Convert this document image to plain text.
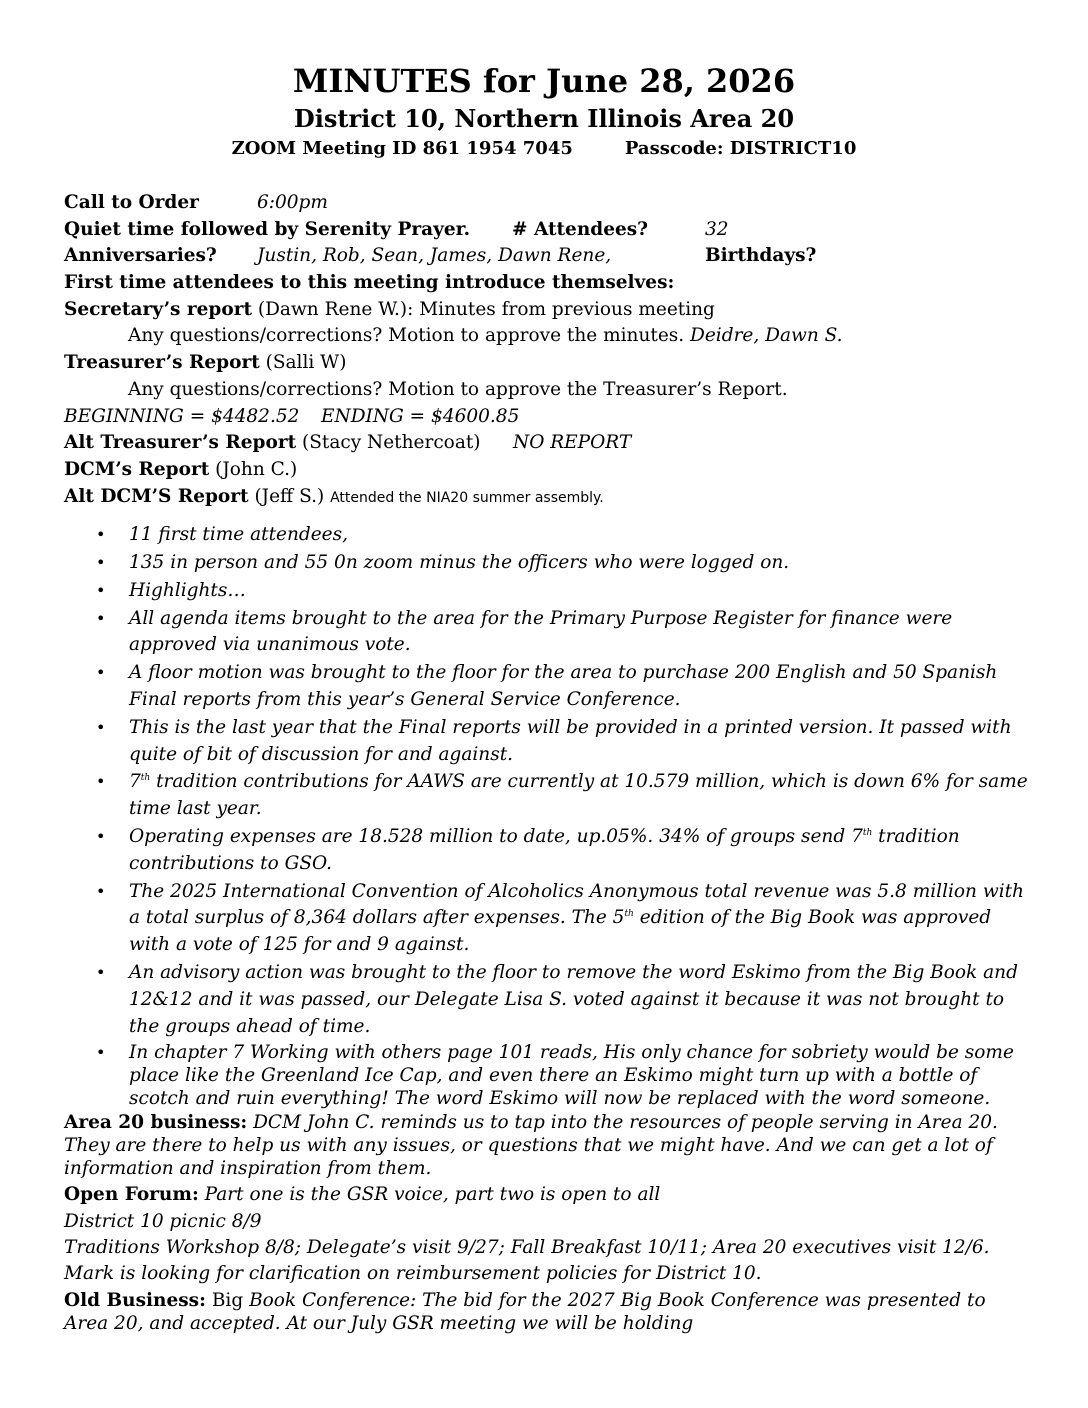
MINUTES for June 28, 2026
District 10, Northern Illinois Area 20
ZOOM Meeting ID 861 1954 7045	Passcode: DISTRICT10
Call to Order	6:00pm
Quiet time followed by Serenity Prayer. # Attendees?	32
Anniversaries? Justin, Rob, Sean, James, Dawn Rene,	Birthdays?
First time attendees to this meeting introduce themselves:
Secretary’s report (Dawn Rene W.): Minutes from previous meeting
Any questions/corrections? Motion to approve the minutes. Deidre, Dawn S.
Treasurer’s Report (Salli W)
Any questions/corrections? Motion to approve the Treasurer’s Report.
BEGINNING = $4482.52 ENDING = $4600.85
Alt Treasurer’s Report (Stacy Nethercoat) NO REPORT
DCM’s Report (John C.)
Alt DCM’S Report (Jeff S.) Attended the NIA20 summer assembly.
• 11 first time attendees,
• 135 in person and 55 0n zoom minus the officers who were logged on.
• Highlights…
• All agenda items brought to the area for the Primary Purpose Register for finance were approved via unanimous vote.
• A floor motion was brought to the floor for the area to purchase 200 English and 50 Spanish Final reports from this year’s General Service Conference.
• This is the last year that the Final reports will be provided in a printed version. It passed with quite of bit of discussion for and against.
• 7th tradition contributions for AAWS are currently at 10.579 million, which is down 6% for same time last year.
• Operating expenses are 18.528 million to date, up.05%. 34% of groups send 7th tradition contributions to GSO.
• The 2025 International Convention of Alcoholics Anonymous total revenue was 5.8 million with a total surplus of 8,364 dollars after expenses. The 5th edition of the Big Book was approved with a vote of 125 for and 9 against.
• An advisory action was brought to the floor to remove the word Eskimo from the Big Book and 12&12 and it was passed, our Delegate Lisa S. voted against it because it was not brought to the groups ahead of time.
• In chapter 7 Working with others page 101 reads, His only chance for sobriety would be some place like the Greenland Ice Cap, and even there an Eskimo might turn up with a bottle of scotch and ruin everything! The word Eskimo will now be replaced with the word someone.
Area 20 business: DCM John C. reminds us to tap into the resources of people serving in Area 20. They are there to help us with any issues, or questions that we might have. And we can get a lot of information and inspiration from them.
Open Forum: Part one is the GSR voice, part two is open to all
District 10 picnic 8/9
Traditions Workshop 8/8; Delegate’s visit 9/27; Fall Breakfast 10/11; Area 20 executives visit 12/6.
Mark is looking for clarification on reimbursement policies for District 10.
Old Business: Big Book Conference: The bid for the 2027 Big Book Conference was presented to Area 20, and accepted. At our July GSR meeting we will be holding
